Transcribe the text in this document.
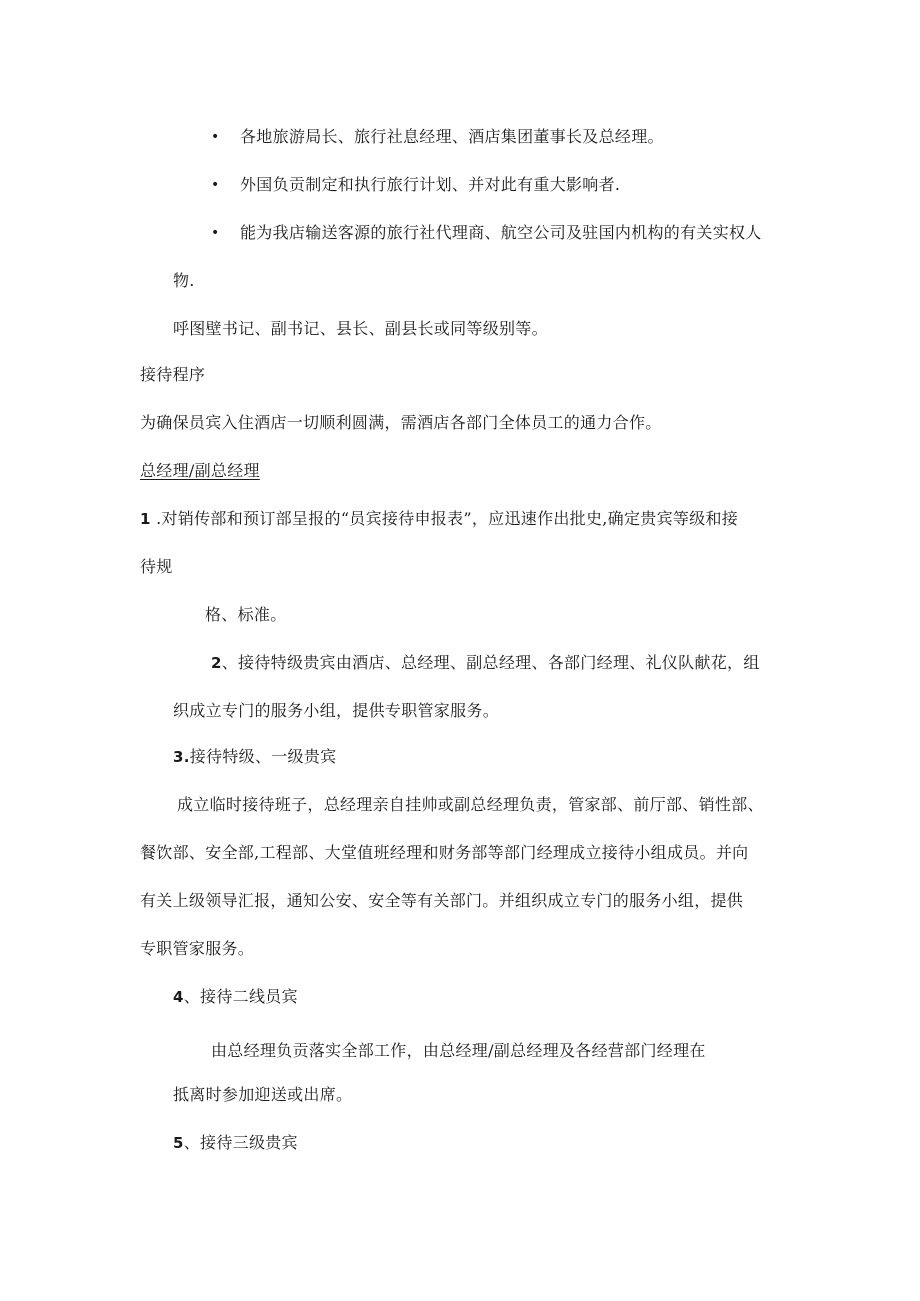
• 各地旅游局长、旅行社息经理、酒店集团董事长及总经理。
• 外国负贡制定和执行旅行计划、并对此有重大影响者.
• 能为我店输送客源的旅行社代理商、航空公司及驻国内机构的有关实权人
物.
呼图壁书记、副书记、县长、副县长或同等级别等。
接待程序
为确保员宾入住酒店一切顺利圆满，需酒店各部门全体员工的通力合作。
总经理/副总经理
1 .对销传部和预订部呈报的“员宾接待申报表”，应迅速作出批史,确定贵宾等级和接
待规
格、标准。
2、接待特级贵宾由酒店、总经理、副总经理、各部门经理、礼仪队献花，组
织成立专门的服务小组，提供专职管家服务。
3.接待特级、一级贵宾
成立临时接待班子，总经理亲自挂帅或副总经理负责，管家部、前厅部、销性部、
餐饮部、安全部,工程部、大堂值班经理和财务部等部门经理成立接待小组成员。并向
有关上级领导汇报，通知公安、安全等有关部门。并组织成立专门的服务小组，提供
专职管家服务。
4、接待二线员宾
由总经理负贡落实全部工作，由总经理/副总经理及各经营部门经理在
抵离时参加迎送或出席。
5、接待三级贵宾
